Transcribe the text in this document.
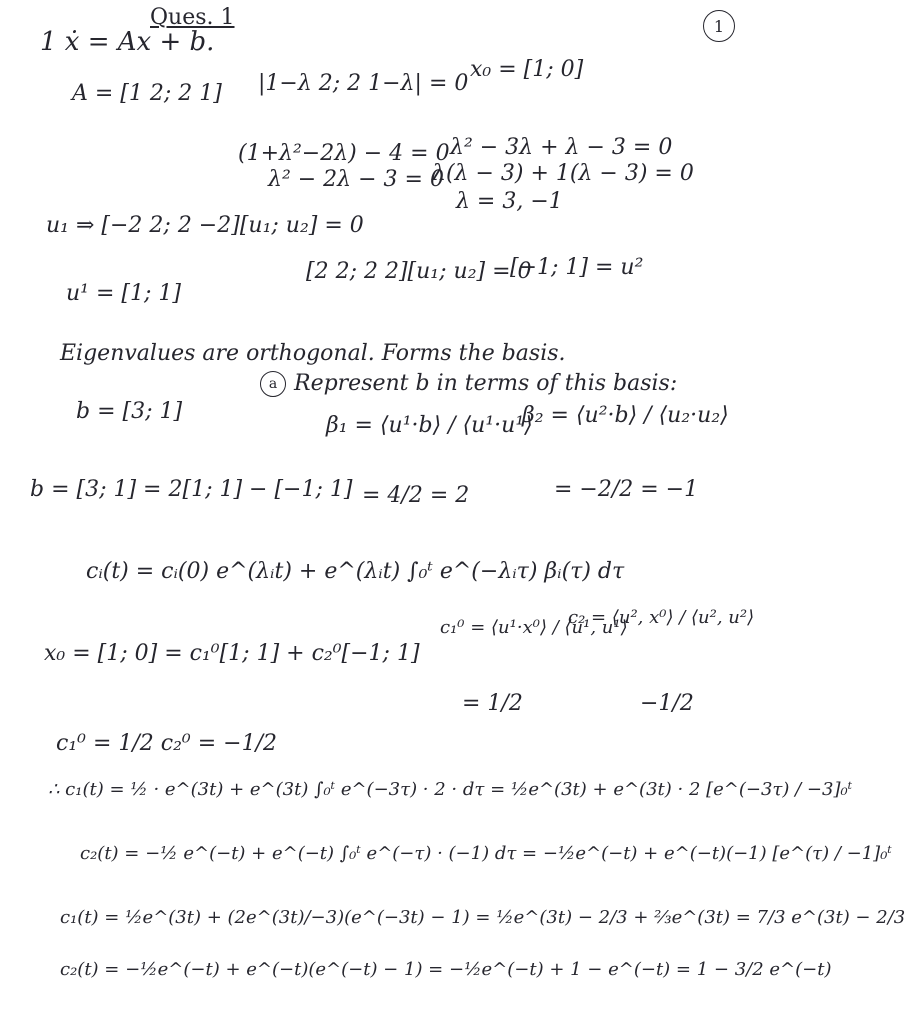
Ques. 1	1
1 ẋ = Ax + b.
A = [1 2; 2 1] |1−λ 2; 2 1−λ| = 0
x₀ = [1; 0]
(1+λ²−2λ) − 4 = 0
λ² − 2λ − 3 = 0
λ² − 3λ + λ − 3 = 0
λ(λ − 3) + 1(λ − 3) = 0
λ = 3, −1
u₁ ⇒ [−2 2; 2 −2][u₁; u₂] = 0
u¹ = [1; 1]
[2 2; 2 2][u₁; u₂] = 0
[−1; 1] = u²
Eigenvalues are orthogonal. Forms the basis.
b = [3; 1]
a Represent b in terms of this basis:
β₁ = ⟨u¹·b⟩ / ⟨u¹·u¹⟩
β₂ = ⟨u²·b⟩ / ⟨u₂·u₂⟩
b = [3; 1] = 2[1; 1] − [−1; 1] = 4/2 = 2	= −2/2 = −1
cᵢ(t) = cᵢ(0) e^(λᵢt) + e^(λᵢt) ∫₀ᵗ e^(−λᵢτ) βᵢ(τ) dτ
x₀ = [1; 0] = c₁⁰[1; 1] + c₂⁰[−1; 1]
c₁⁰ = ⟨u¹·x⁰⟩ / ⟨u¹, u¹⟩
c₂ = ⟨u², x⁰⟩ / ⟨u², u²⟩
= 1/2	−1/2
c₁⁰ = 1/2 c₂⁰ = −1/2
∴ c₁(t) = ½ · e^(3t) + e^(3t) ∫₀ᵗ e^(−3τ) · 2 · dτ = ½e^(3t) + e^(3t) · 2 [e^(−3τ) / −3]₀ᵗ
c₂(t) = −½ e^(−t) + e^(−t) ∫₀ᵗ e^(−τ) · (−1) dτ = −½e^(−t) + e^(−t)(−1) [e^(τ) / −1]₀ᵗ
c₁(t) = ½e^(3t) + (2e^(3t)/−3)(e^(−3t) − 1) = ½e^(3t) − 2/3 + ⅔e^(3t) = 7/3 e^(3t) − 2/3
c₂(t) = −½e^(−t) + e^(−t)(e^(−t) − 1) = −½e^(−t) + 1 − e^(−t) = 1 − 3/2 e^(−t)
